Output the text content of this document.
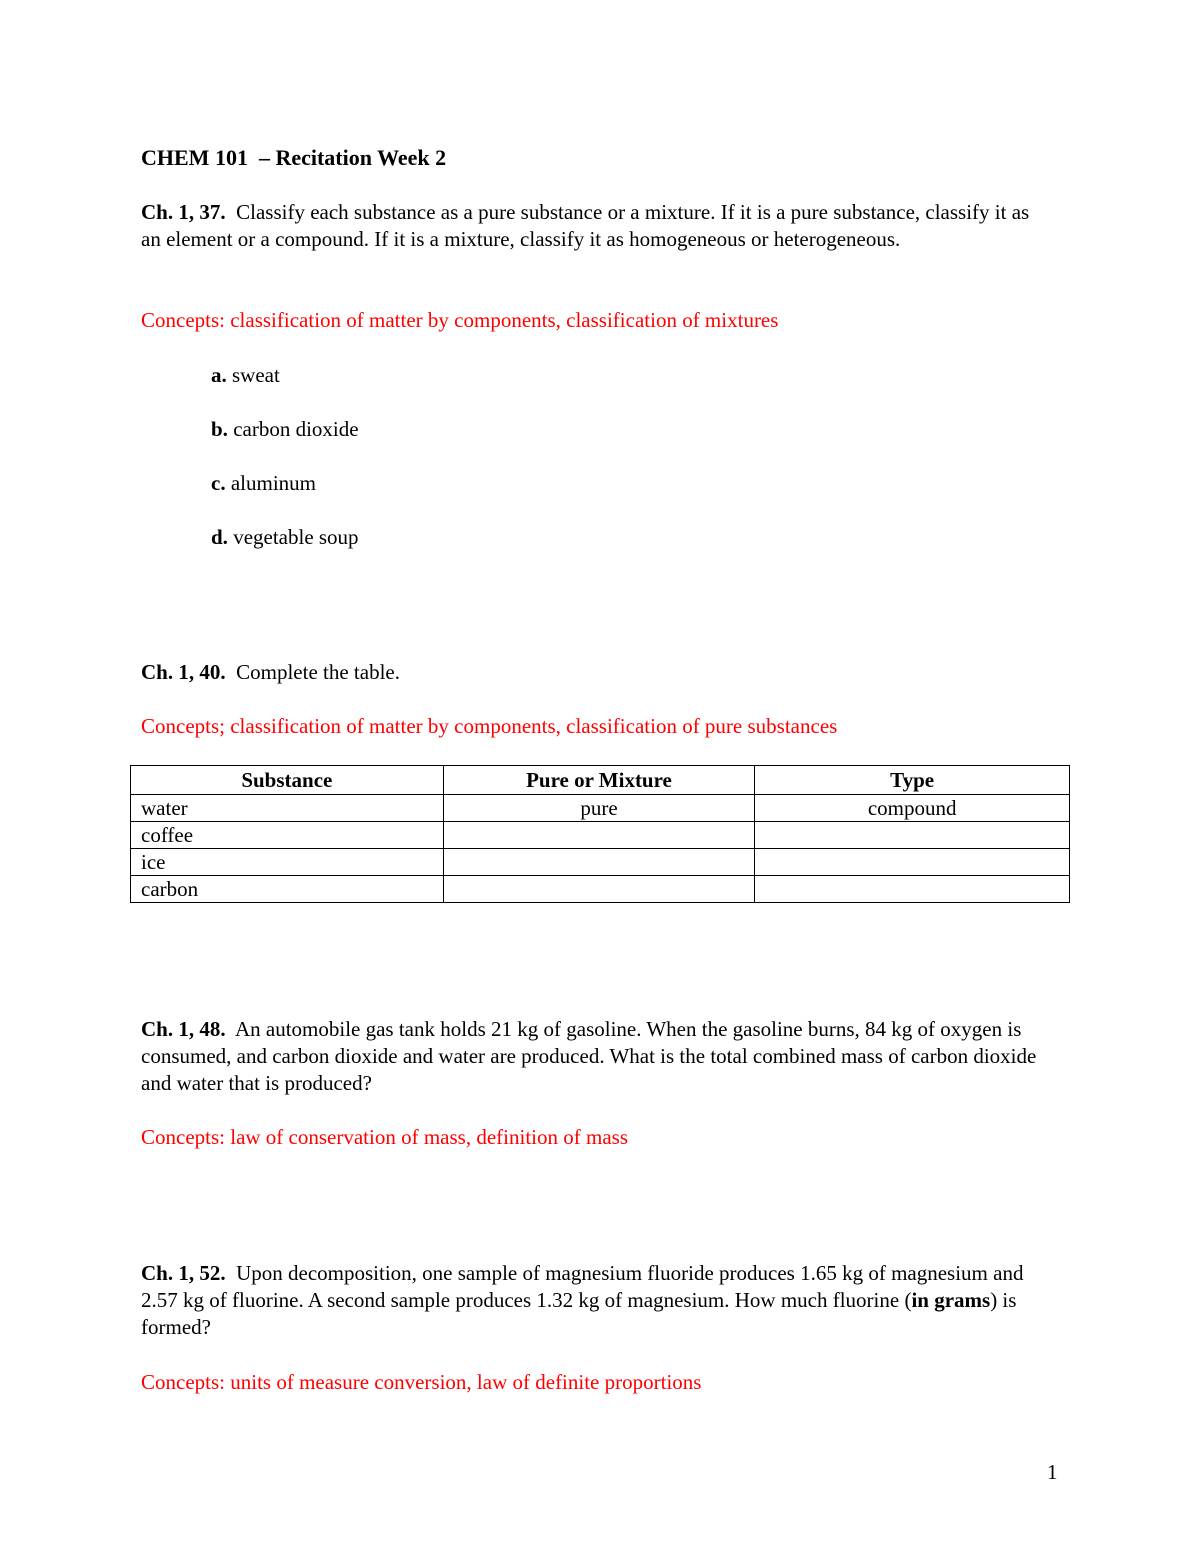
CHEM 101  – Recitation Week 2
Ch. 1, 37. Classify each substance as a pure substance or a mixture. If it is a pure substance, classify it as an element or a compound. If it is a mixture, classify it as homogeneous or heterogeneous.
Concepts: classification of matter by components, classification of mixtures
a. sweat
b. carbon dioxide
c. aluminum
d. vegetable soup
Ch. 1, 40. Complete the table.
Concepts; classification of matter by components, classification of pure substances
Substance	Pure or Mixture	Type
water	pure	compound
coffee		
ice		
carbon		
Ch. 1, 48. An automobile gas tank holds 21 kg of gasoline. When the gasoline burns, 84 kg of oxygen is consumed, and carbon dioxide and water are produced. What is the total combined mass of carbon dioxide and water that is produced?
Concepts: law of conservation of mass, definition of mass
Ch. 1, 52. Upon decomposition, one sample of magnesium fluoride produces 1.65 kg of magnesium and 2.57 kg of fluorine. A second sample produces 1.32 kg of magnesium. How much fluorine (in grams) is formed?
Concepts: units of measure conversion, law of definite proportions
1
